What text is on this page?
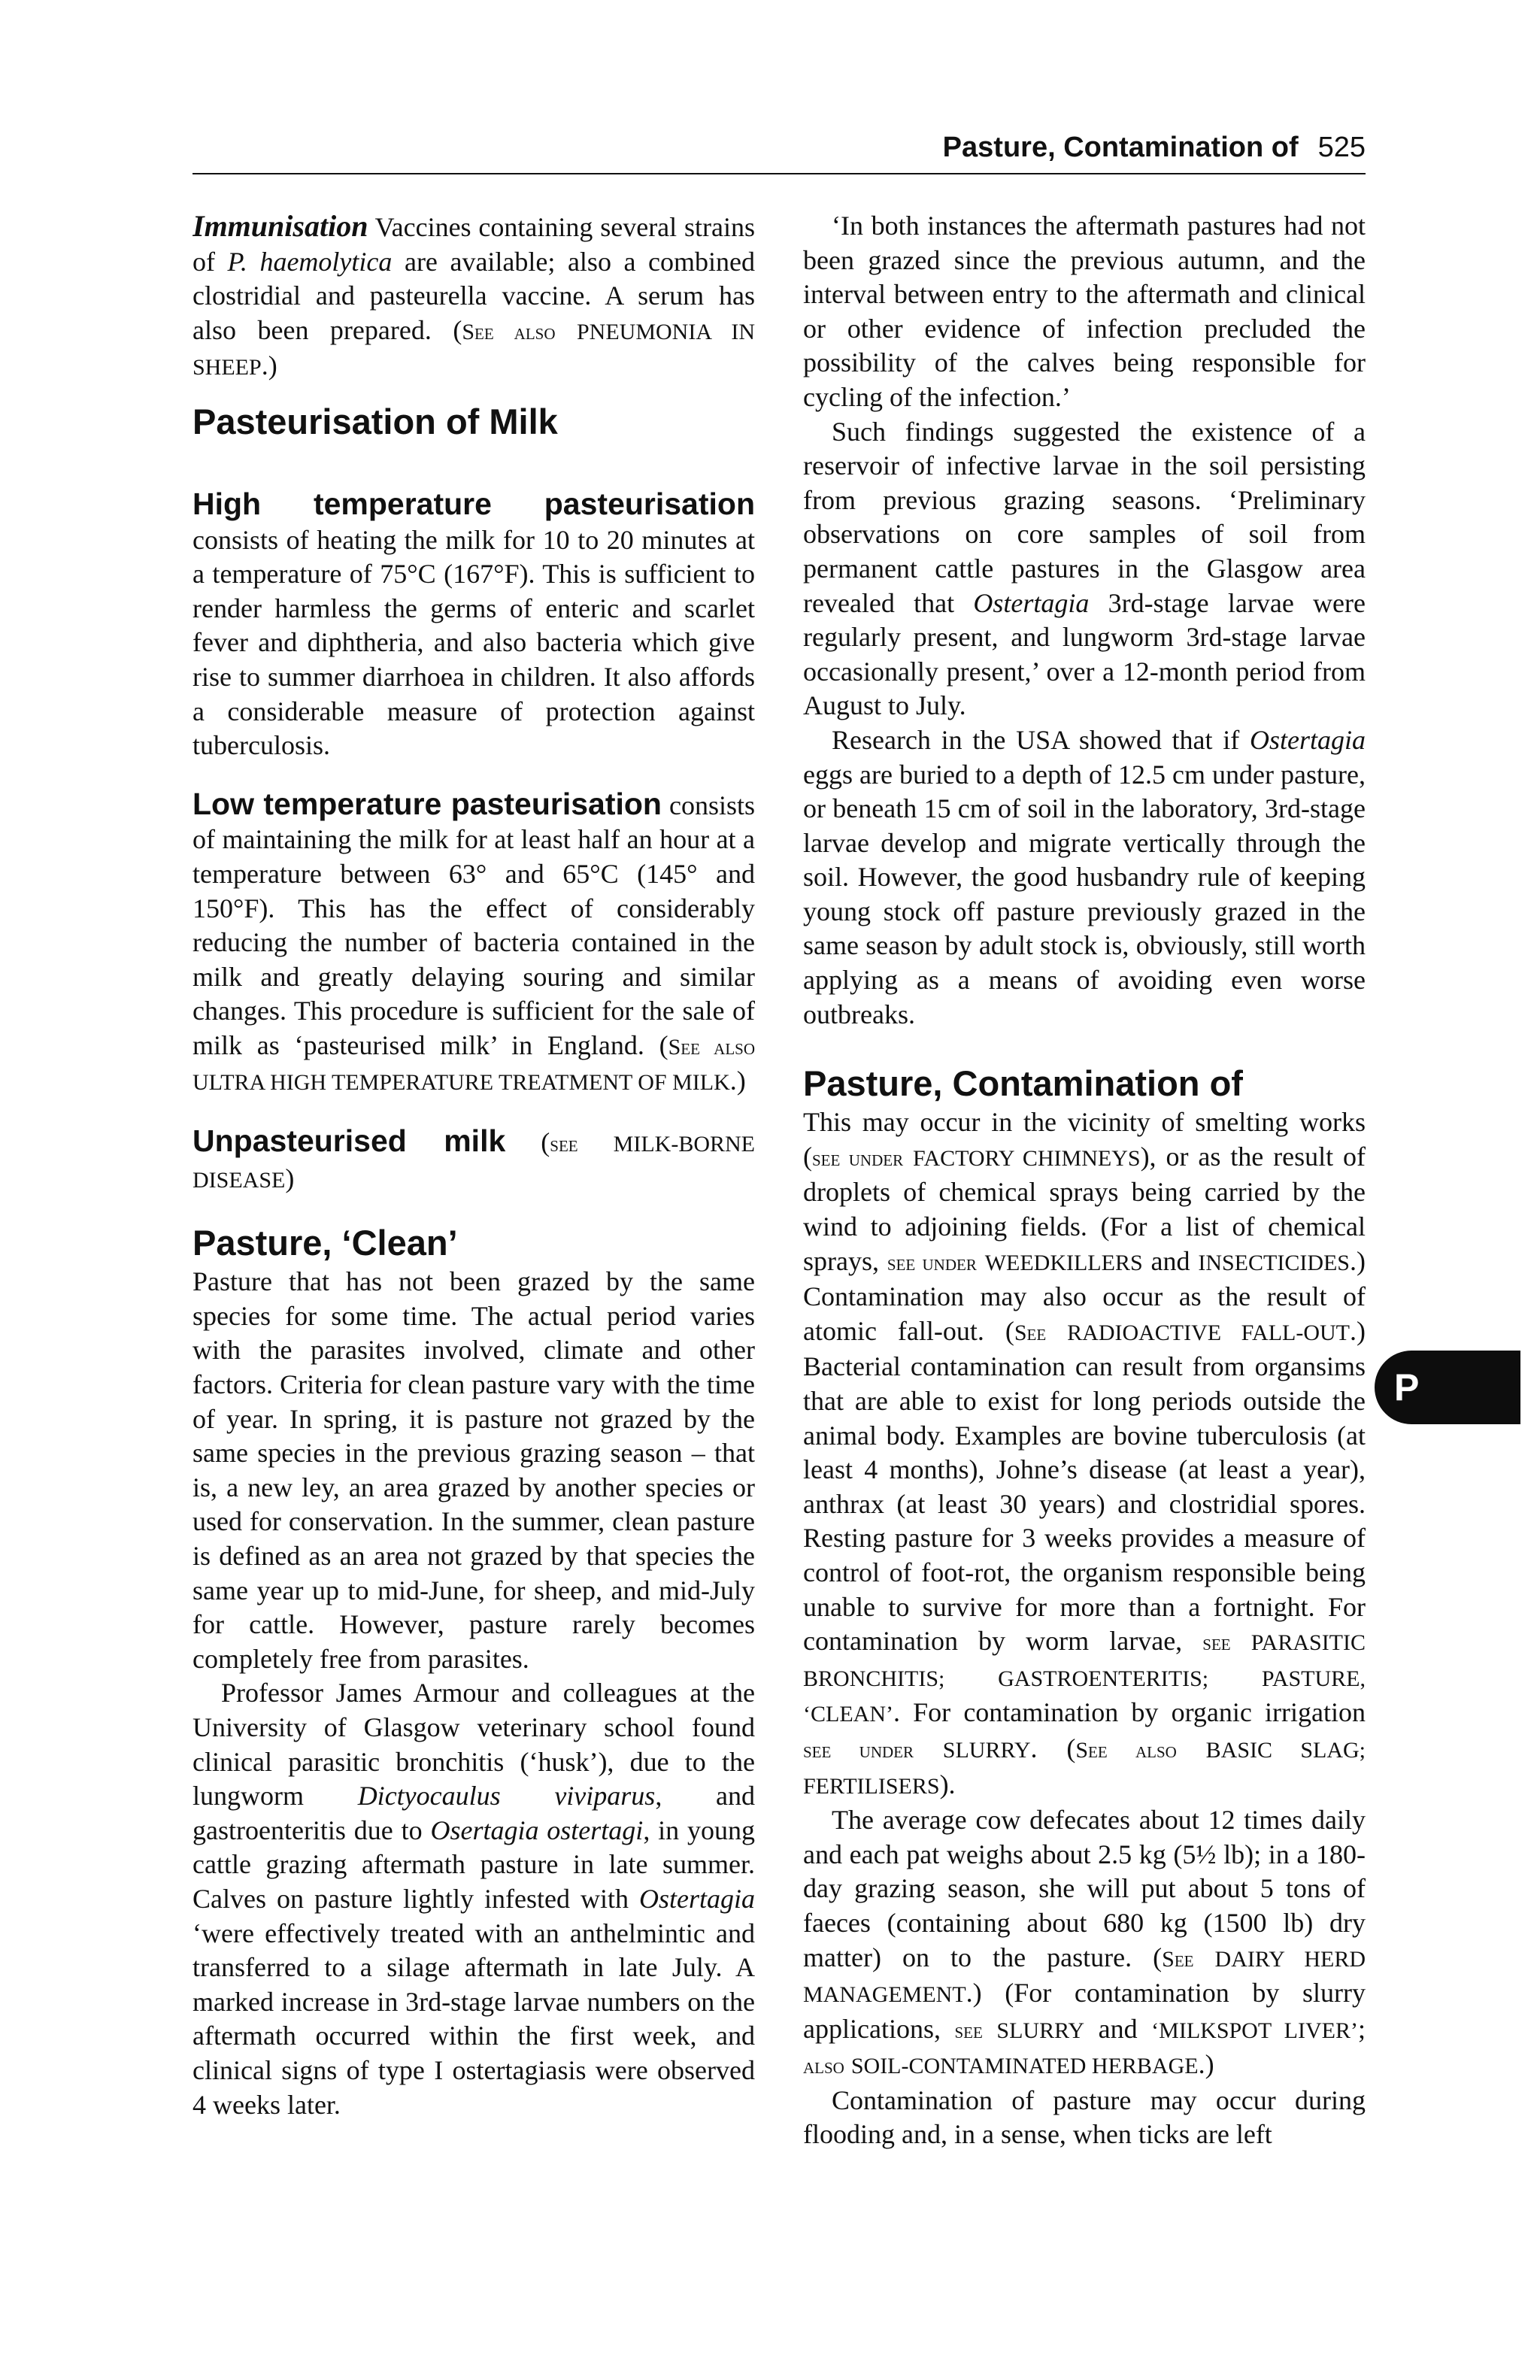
Pasture, Contamination of 525

Immunisation Vaccines containing several strains of P. haemolytica are available; also a combined clostridial and pasteurella vaccine. A serum has also been prepared. (See also PNEUMONIA IN SHEEP.)

Pasteurisation of Milk

High temperature pasteurisation consists of heating the milk for 10 to 20 minutes at a temperature of 75°C (167°F). This is sufficient to render harmless the germs of enteric and scarlet fever and diphtheria, and also bacteria which give rise to summer diarrhoea in children. It also affords a considerable measure of protection against tuberculosis.

Low temperature pasteurisation consists of maintaining the milk for at least half an hour at a temperature between 63° and 65°C (145° and 150°F). This has the effect of considerably reducing the number of bacteria contained in the milk and greatly delaying souring and similar changes. This procedure is sufficient for the sale of milk as ‘pasteurised milk’ in England. (See also ULTRA HIGH TEMPERATURE TREATMENT OF MILK.)

Unpasteurised milk (see MILK-BORNE DISEASE)

Pasture, ‘Clean’

Pasture that has not been grazed by the same species for some time. The actual period varies with the parasites involved, climate and other factors. Criteria for clean pasture vary with the time of year. In spring, it is pasture not grazed by the same species in the previous grazing season – that is, a new ley, an area grazed by another species or used for conservation. In the summer, clean pasture is defined as an area not grazed by that species the same year up to mid-June, for sheep, and mid-July for cattle. However, pasture rarely becomes completely free from parasites.

Professor James Armour and colleagues at the University of Glasgow veterinary school found clinical parasitic bronchitis (‘husk’), due to the lungworm Dictyocaulus viviparus, and gastroenteritis due to Osertagia ostertagi, in young cattle grazing aftermath pasture in late summer. Calves on pasture lightly infested with Ostertagia ‘were effectively treated with an anthelmintic and transferred to a silage aftermath in late July. A marked increase in 3rd-stage larvae numbers on the aftermath occurred within the first week, and clinical signs of type I ostertagiasis were observed 4 weeks later.

‘In both instances the aftermath pastures had not been grazed since the previous autumn, and the interval between entry to the aftermath and clinical or other evidence of infection precluded the possibility of the calves being responsible for cycling of the infection.’

Such findings suggested the existence of a reservoir of infective larvae in the soil persisting from previous grazing seasons. ‘Preliminary observations on core samples of soil from permanent cattle pastures in the Glasgow area revealed that Ostertagia 3rd-stage larvae were regularly present, and lungworm 3rd-stage larvae occasionally present,’ over a 12-month period from August to July.

Research in the USA showed that if Ostertagia eggs are buried to a depth of 12.5 cm under pasture, or beneath 15 cm of soil in the laboratory, 3rd-stage larvae develop and migrate vertically through the soil. However, the good husbandry rule of keeping young stock off pasture previously grazed in the same season by adult stock is, obviously, still worth applying as a means of avoiding even worse outbreaks.

Pasture, Contamination of

This may occur in the vicinity of smelting works (see under FACTORY CHIMNEYS), or as the result of droplets of chemical sprays being carried by the wind to adjoining fields. (For a list of chemical sprays, see under WEEDKILLERS and INSECTICIDES.) Contamination may also occur as the result of atomic fall-out. (See RADIOACTIVE FALL-OUT.) Bacterial contamination can result from organsims that are able to exist for long periods outside the animal body. Examples are bovine tuberculosis (at least 4 months), Johne’s disease (at least a year), anthrax (at least 30 years) and clostridial spores. Resting pasture for 3 weeks provides a measure of control of foot-rot, the organism responsible being unable to survive for more than a fortnight. For contamination by worm larvae, see PARASITIC BRONCHITIS; GASTROENTERITIS; PASTURE, ‘CLEAN’. For contamination by organic irrigation see under SLURRY. (See also BASIC SLAG; FERTILISERS).

The average cow defecates about 12 times daily and each pat weighs about 2.5 kg (5½ lb); in a 180-day grazing season, she will put about 5 tons of faeces (containing about 680 kg (1500 lb) dry matter) on to the pasture. (See DAIRY HERD MANAGEMENT.) (For contamination by slurry applications, see SLURRY and ‘MILKSPOT LIVER’; also SOIL-CONTAMINATED HERBAGE.)

Contamination of pasture may occur during flooding and, in a sense, when ticks are left

P
